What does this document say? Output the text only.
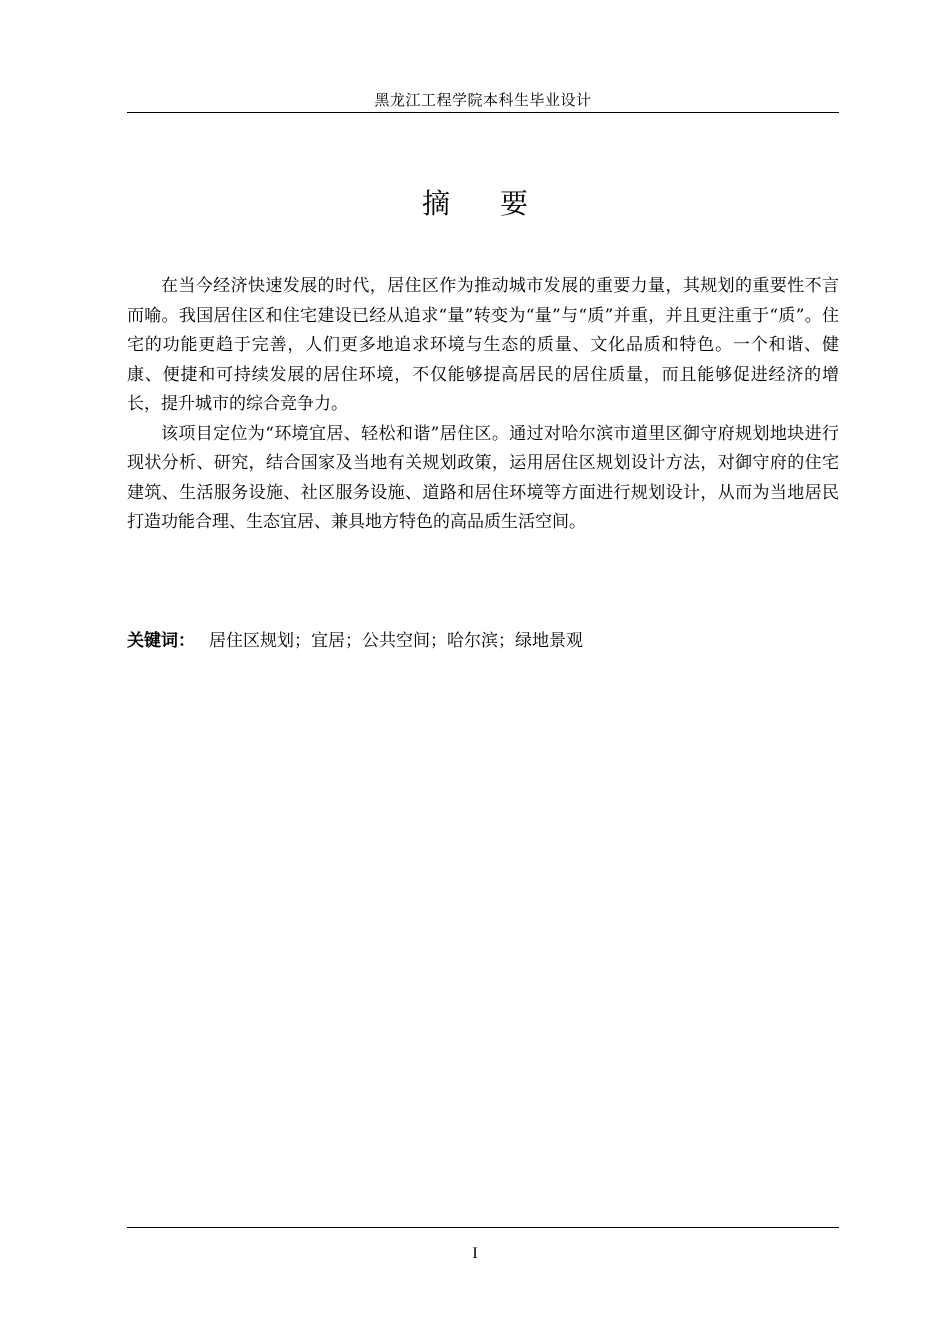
黑龙江工程学院本科生毕业设计
摘 要

在当今经济快速发展的时代，居住区作为推动城市发展的重要力量，其规划的重要性不言而喻。我国居住区和住宅建设已经从追求“量”转变为“量”与“质”并重，并且更注重于“质”。住宅的功能更趋于完善，人们更多地追求环境与生态的质量、文化品质和特色。一个和谐、健康、便捷和可持续发展的居住环境，不仅能够提高居民的居住质量，而且能够促进经济的增长，提升城市的综合竞争力。

该项目定位为“环境宜居、轻松和谐”居住区。通过对哈尔滨市道里区御守府规划地块进行现状分析、研究，结合国家及当地有关规划政策，运用居住区规划设计方法，对御守府的住宅建筑、生活服务设施、社区服务设施、道路和居住环境等方面进行规划设计，从而为当地居民打造功能合理、生态宜居、兼具地方特色的高品质生活空间。

关键词： 居住区规划；宜居；公共空间；哈尔滨；绿地景观
I
